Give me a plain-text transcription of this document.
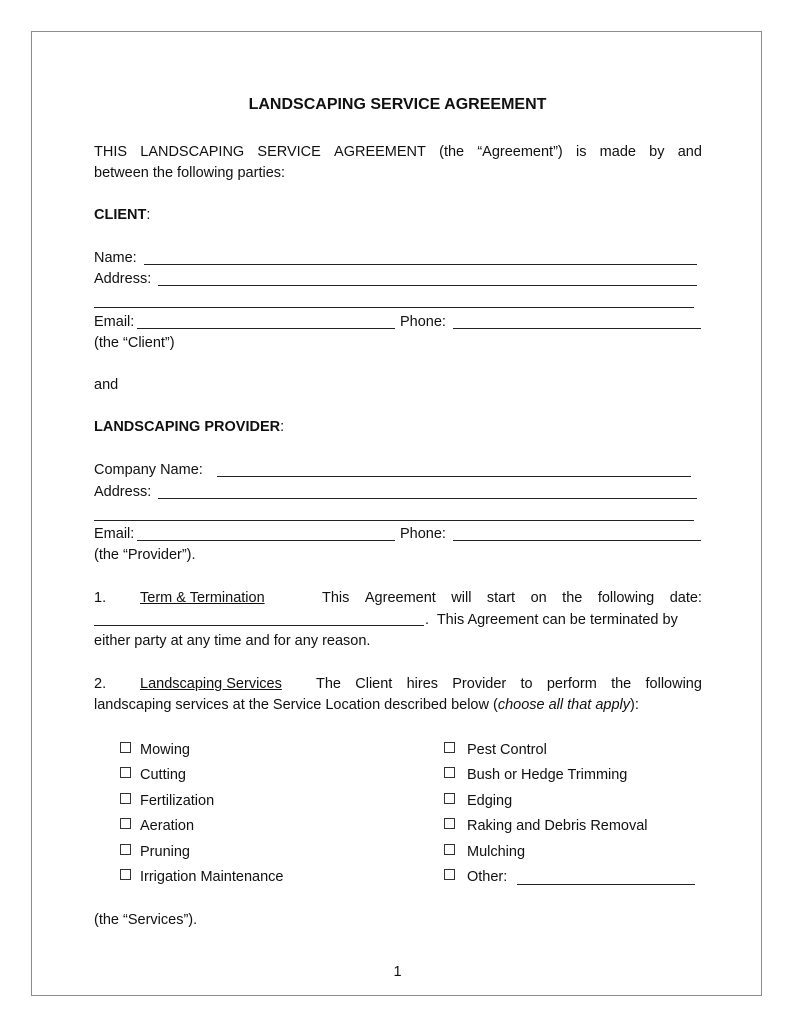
LANDSCAPING SERVICE AGREEMENT
THIS LANDSCAPING SERVICE AGREEMENT (the “Agreement”) is made by and
between the following parties:
CLIENT:
Name:
Address:
Email:	Phone:
(the “Client”)
and
LANDSCAPING PROVIDER:
Company Name:
Address:
Email:	Phone:
(the “Provider”).
1. Term & Termination	This Agreement will start on the following date:
.  This Agreement can be terminated by
either party at any time and for any reason.
2. Landscaping Services The Client hires Provider to perform the following
landscaping services at the Service Location described below (choose all that apply):
Mowing
Cutting
Fertilization
Aeration
Pruning
Irrigation Maintenance
Pest Control
Bush or Hedge Trimming
Edging
Raking and Debris Removal
Mulching
Other:
(the “Services”).
1
